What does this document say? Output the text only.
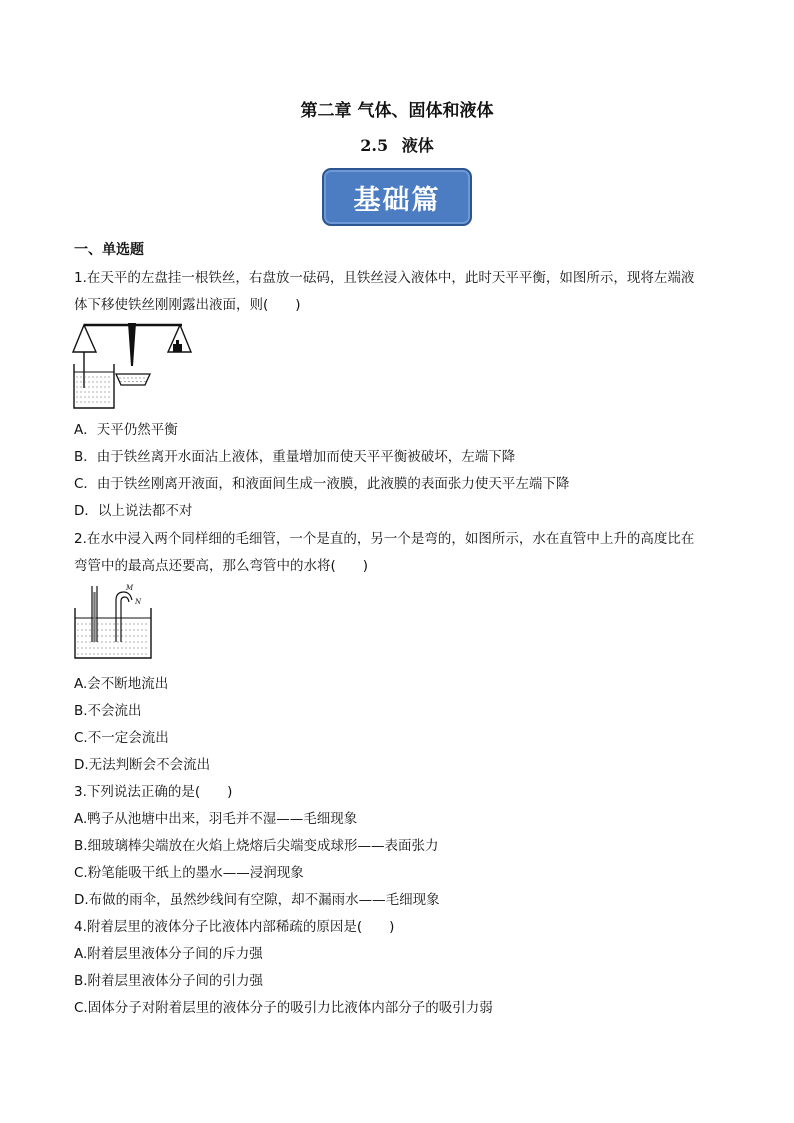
第二章 气体、固体和液体
2.5 液体
基础篇
一、单选题
1.在天平的左盘挂一根铁丝，右盘放一砝码，且铁丝浸入液体中，此时天平平衡，如图所示，现将左端液
体下移使铁丝刚刚露出液面，则(　　)
A．天平仍然平衡
B．由于铁丝离开水面沾上液体，重量增加而使天平平衡被破坏，左端下降
C．由于铁丝刚离开液面，和液面间生成一液膜，此液膜的表面张力使天平左端下降
D．以上说法都不对
2.在水中浸入两个同样细的毛细管，一个是直的，另一个是弯的，如图所示，水在直管中上升的高度比在
弯管中的最高点还要高，那么弯管中的水将(　　)
M
N
A.会不断地流出
B.不会流出
C.不一定会流出
D.无法判断会不会流出
3.下列说法正确的是(　　)
A.鸭子从池塘中出来，羽毛并不湿——毛细现象
B.细玻璃棒尖端放在火焰上烧熔后尖端变成球形——表面张力
C.粉笔能吸干纸上的墨水——浸润现象
D.布做的雨伞，虽然纱线间有空隙，却不漏雨水——毛细现象
4.附着层里的液体分子比液体内部稀疏的原因是(　　)
A.附着层里液体分子间的斥力强
B.附着层里液体分子间的引力强
C.固体分子对附着层里的液体分子的吸引力比液体内部分子的吸引力弱
